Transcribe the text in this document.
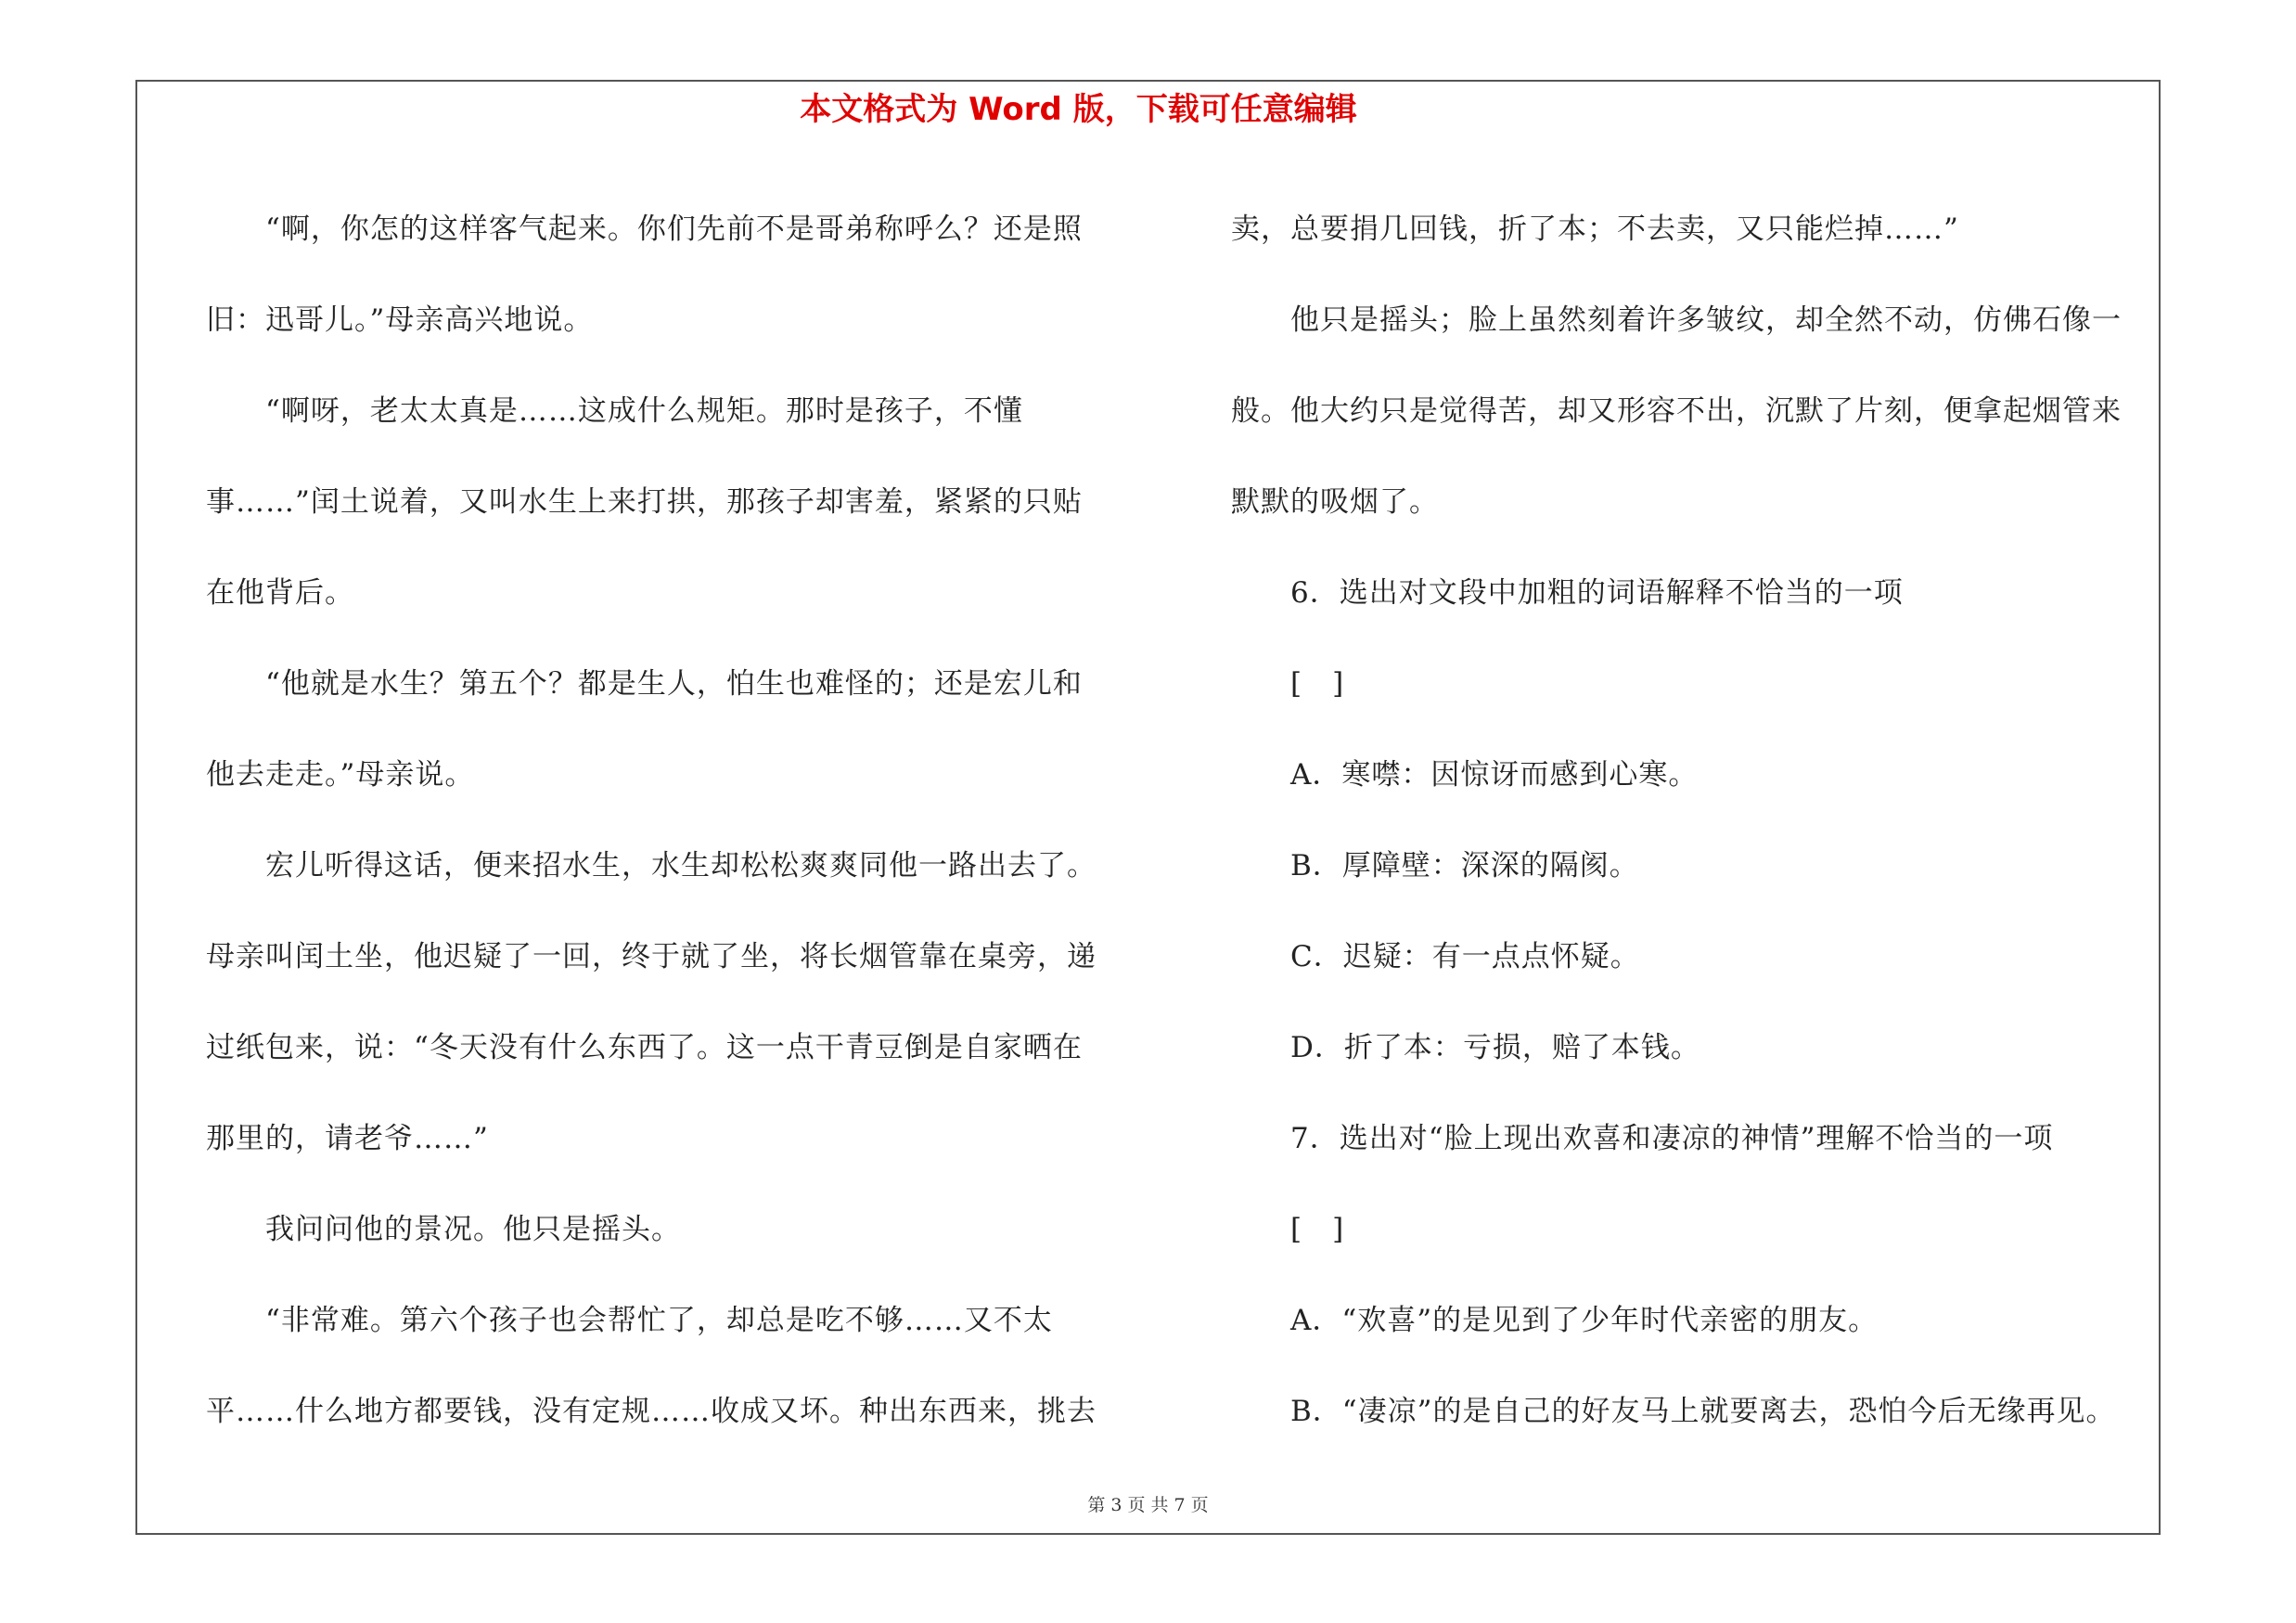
本文格式为 Word 版，下载可任意编辑
　　“啊，你怎的这样客气起来。你们先前不是哥弟称呼么？还是照
旧：迅哥儿。”母亲高兴地说。
　　“啊呀，老太太真是……这成什么规矩。那时是孩子，不懂
事……”闰土说着，又叫水生上来打拱，那孩子却害羞，紧紧的只贴
在他背后。
　　“他就是水生？第五个？都是生人，怕生也难怪的；还是宏儿和
他去走走。”母亲说。
　　宏儿听得这话，便来招水生，水生却松松爽爽同他一路出去了。
母亲叫闰土坐，他迟疑了一回，终于就了坐，将长烟管靠在桌旁，递
过纸包来，说：“冬天没有什么东西了。这一点干青豆倒是自家晒在
那里的，请老爷……”
　　我问问他的景况。他只是摇头。
　　“非常难。第六个孩子也会帮忙了，却总是吃不够……又不太
平……什么地方都要钱，没有定规……收成又坏。种出东西来，挑去
卖，总要捐几回钱，折了本；不去卖，又只能烂掉……”
　　他只是摇头；脸上虽然刻着许多皱纹，却全然不动，仿佛石像一
般。他大约只是觉得苦，却又形容不出，沉默了片刻，便拿起烟管来
默默的吸烟了。
　　6．选出对文段中加粗的词语解释不恰当的一项
　　[　]
　　A．寒噤：因惊讶而感到心寒。
　　B．厚障壁：深深的隔阂。
　　C．迟疑：有一点点怀疑。
　　D．折了本：亏损，赔了本钱。
　　7．选出对“脸上现出欢喜和凄凉的神情”理解不恰当的一项
　　[　]
　　A．“欢喜”的是见到了少年时代亲密的朋友。
　　B．“凄凉”的是自己的好友马上就要离去，恐怕今后无缘再见。
第 3 页 共 7 页
